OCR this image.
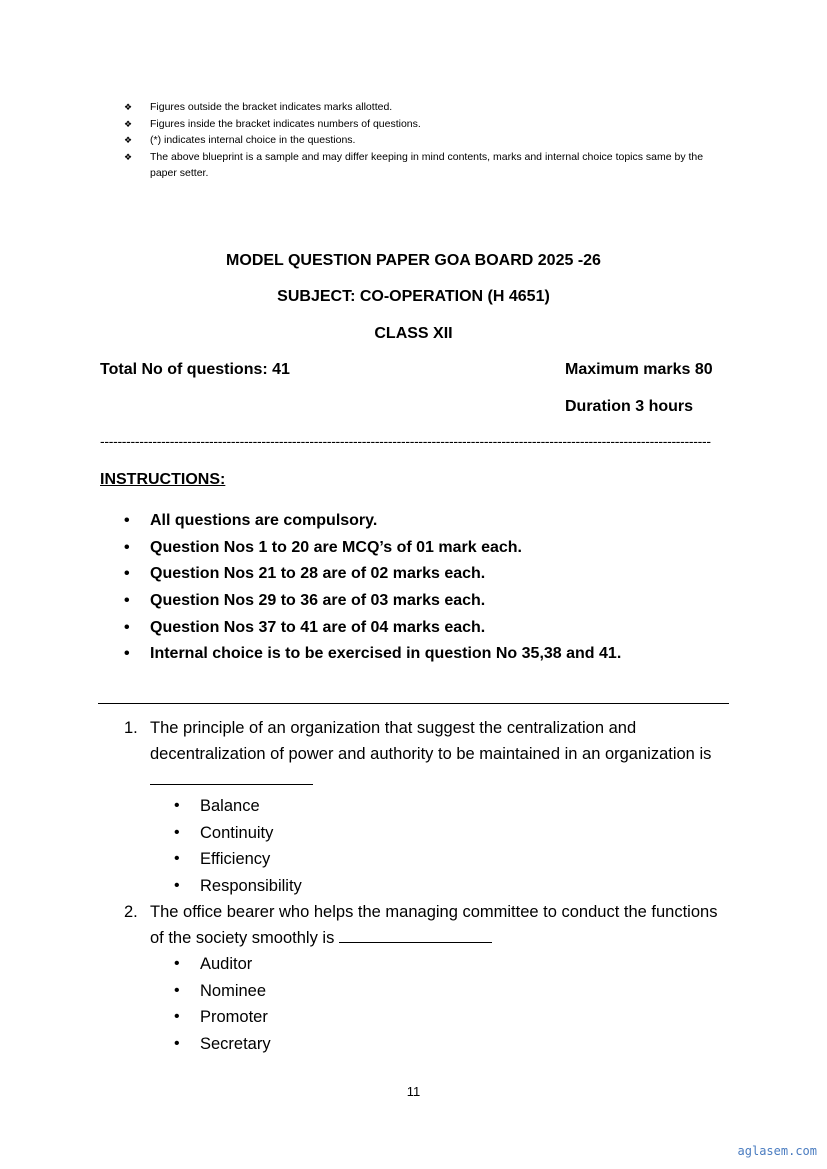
❖	Figures outside the bracket indicates marks allotted.
❖	Figures inside the bracket indicates numbers of questions.
❖	(*) indicates internal choice in the questions.
❖	The above blueprint is a sample and may differ keeping in mind contents, marks and internal choice topics same by the paper setter.
MODEL QUESTION PAPER GOA BOARD 2025 -26
SUBJECT: CO-OPERATION (H 4651)
CLASS XII
Total No of questions: 41	Maximum marks 80
Duration 3 hours
--------------------------------------------------------------------------------------------------------------------------------------------
INSTRUCTIONS:
•	All questions are compulsory.
•	Question Nos 1 to 20 are MCQ’s of 01 mark each.
•	Question Nos 21 to 28 are of 02 marks each.
•	Question Nos 29 to 36 are of 03 marks each.
•	Question Nos 37 to 41 are of 04 marks each.
•	Internal choice is to be exercised in question No 35,38 and 41.
1. The principle of an organization that suggest the centralization and decentralization of power and authority to be maintained in an organization is
•	Balance
•	Continuity
•	Efficiency
•	Responsibility
2. The office bearer who helps the managing committee to conduct the functions of the society smoothly is
•	Auditor
•	Nominee
•	Promoter
•	Secretary
11
aglasem.com
